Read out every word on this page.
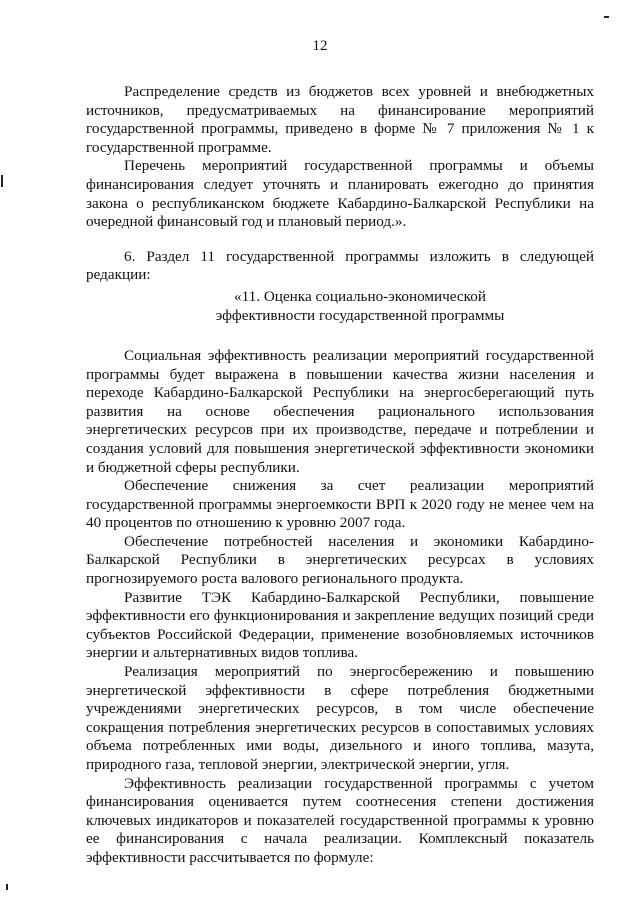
12

Распределение средств из бюджетов всех уровней и внебюджетных источников, предусматриваемых на финансирование мероприятий государственной программы, приведено в форме № 7 приложения № 1 к государственной программе.

Перечень мероприятий государственной программы и объемы финансирования следует уточнять и планировать ежегодно до принятия закона о республиканском бюджете Кабардино-Балкарской Республики на очередной финансовый год и плановый период.».

6. Раздел 11 государственной программы изложить в следующей редакции:

«11. Оценка социально-экономической

эффективности государственной программы

Социальная эффективность реализации мероприятий государственной программы будет выражена в повышении качества жизни населения и переходе Кабардино-Балкарской Республики на энергосберегающий путь развития на основе обеспечения рационального использования энергетических ресурсов при их производстве, передаче и потреблении и создания условий для повышения энергетической эффективности экономики и бюджетной сферы республики.

Обеспечение снижения за счет реализации мероприятий государственной программы энергоемкости ВРП к 2020 году не менее чем на 40 процентов по отношению к уровню 2007 года.

Обеспечение потребностей населения и экономики Кабардино-Балкарской Республики в энергетических ресурсах в условиях прогнозируемого роста валового регионального продукта.

Развитие ТЭК Кабардино-Балкарской Республики, повышение эффективности его функционирования и закрепление ведущих позиций среди субъектов Российской Федерации, применение возобновляемых источников энергии и альтернативных видов топлива.

Реализация мероприятий по энергосбережению и повышению энергетической эффективности в сфере потребления бюджетными учреждениями энергетических ресурсов, в том числе обеспечение сокращения потребления энергетических ресурсов в сопоставимых условиях объема потребленных ими воды, дизельного и иного топлива, мазута, природного газа, тепловой энергии, электрической энергии, угля.

Эффективность реализации государственной программы с учетом финансирования оценивается путем соотнесения степени достижения ключевых индикаторов и показателей государственной программы к уровню ее финансирования с начала реализации. Комплексный показатель эффективности рассчитывается по формуле:
